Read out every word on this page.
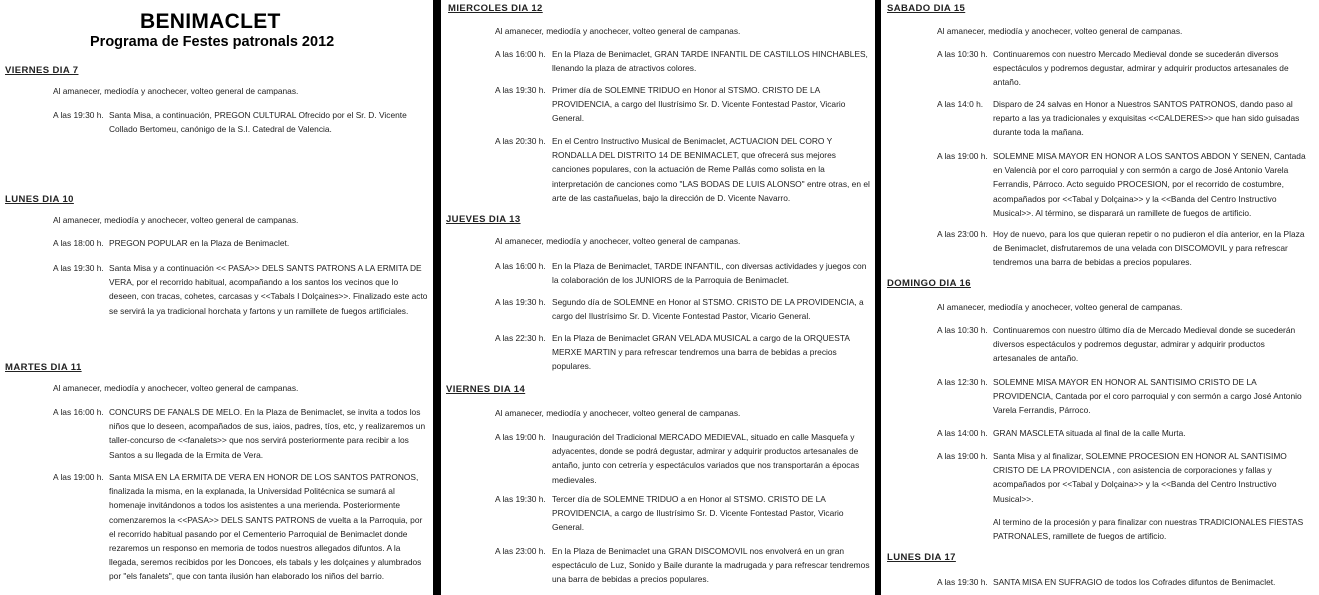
BENIMACLET
Programa de Festes patronals 2012
VIERNES DIA 7
Al amanecer, mediodía y anochecer, volteo general de campanas.
A las 19:30 h. Santa Misa, a continuación, PREGON CULTURAL Ofrecido por el Sr. D. Vicente Collado Bertomeu, canónigo de la S.I. Catedral de Valencia.
LUNES DIA 10
Al amanecer, mediodía y anochecer, volteo general de campanas.
A las 18:00 h. PREGON POPULAR en la Plaza de Benimaclet.
A las 19:30 h. Santa Misa y a continuación << PASA>> DELS SANTS PATRONS A LA ERMITA DE VERA, por el recorrido habitual, acompañando a los santos los vecinos que lo deseen, con tracas, cohetes, carcasas y <<Tabals I Dolçaines>>. Finalizado este acto se servirá la ya tradicional horchata y fartons y un ramillete de fuegos artificiales.
MARTES DIA 11
Al amanecer, mediodía y anochecer, volteo general de campanas.
A las 16:00 h. CONCURS DE FANALS DE MELO. En la Plaza de Benimaclet, se invita a todos los niños que lo deseen, acompañados de sus, iaios, padres, tíos, etc, y realizaremos un taller-concurso de <<fanalets>> que nos servirá posteriormente para recibir a los Santos a su llegada de la Ermita de Vera.
A las 19:00 h. Santa MISA EN LA ERMITA DE VERA EN HONOR DE LOS SANTOS PATRONOS, finalizada la misma, en la explanada, la Universidad Politécnica se sumará al homenaje invitándonos a todos los asistentes a una merienda. Posteriormente comenzaremos la <<PASA>> DELS SANTS PATRONS de vuelta a la Parroquia, por el recorrido habitual pasando por el Cementerio Parroquial de Benimaclet donde rezaremos un responso en memoria de todos nuestros allegados difuntos. A la llegada, seremos recibidos por les Doncoes, els tabals y les dolçaines y alumbrados por "els fanalets", que con tanta ilusión han elaborado los niños del barrio.
MIERCOLES DIA 12
Al amanecer, mediodía y anochecer, volteo general de campanas.
A las 16:00 h. En la Plaza de Benimaclet, GRAN TARDE INFANTIL DE CASTILLOS HINCHABLES, llenando la plaza de atractivos colores.
A las 19:30 h. Primer día de SOLEMNE TRIDUO en Honor al STSMO. CRISTO DE LA PROVIDENCIA, a cargo del Ilustrísimo Sr. D. Vicente Fontestad Pastor, Vicario General.
A las 20:30 h. En el Centro Instructivo Musical de Benimaclet, ACTUACION DEL CORO Y RONDALLA DEL DISTRITO 14 DE BENIMACLET, que ofrecerá sus mejores canciones populares, con la actuación de Reme Pallás como solista en la interpretación de canciones como "LAS BODAS DE LUIS ALONSO" entre otras, en el arte de las castañuelas, bajo la dirección de D. Vicente Navarro.
JUEVES DIA 13
Al amanecer, mediodía y anochecer, volteo general de campanas.
A las 16:00 h. En la Plaza de Benimaclet, TARDE INFANTIL, con diversas actividades y juegos con la colaboración de los JUNIORS de la Parroquia de Benimaclet.
A las 19:30 h. Segundo día de SOLEMNE en Honor al STSMO. CRISTO DE LA PROVIDENCIA, a cargo del Ilustrísimo Sr. D. Vicente Fontestad Pastor, Vicario General.
A las 22:30 h. En la Plaza de Benimaclet GRAN VELADA MUSICAL a cargo de la ORQUESTA MERXE MARTIN y para refrescar tendremos una barra de bebidas a precios populares.
VIERNES DIA 14
Al amanecer, mediodía y anochecer, volteo general de campanas.
A las 19:00 h. Inauguración del Tradicional MERCADO MEDIEVAL, situado en calle Masquefa y adyacentes, donde se podrá degustar, admirar y adquirir productos artesanales de antaño, junto con cetrería y espectáculos variados que nos transportarán a épocas medievales.
A las 19:30 h. Tercer día de SOLEMNE TRIDUO a en Honor al STSMO. CRISTO DE LA PROVIDENCIA, a cargo de Ilustrísimo Sr. D. Vicente Fontestad Pastor, Vicario General.
A las 23:00 h. En la Plaza de Benimaclet una GRAN DISCOMOVIL nos envolverá en un gran espectáculo de Luz, Sonido y Baile durante la madrugada y para refrescar tendremos una barra de bebidas a precios populares.
SABADO DIA 15
Al amanecer, mediodía y anochecer, volteo general de campanas.
A las 10:30 h. Continuaremos con nuestro Mercado Medieval donde se sucederán diversos espectáculos y podremos degustar, admirar y adquirir productos artesanales de antaño.
A las 14:0 h. Disparo de 24 salvas en Honor a Nuestros SANTOS PATRONOS, dando paso al reparto a las ya tradicionales y exquisitas <<CALDERES>> que han sido guisadas durante toda la mañana.
A las 19:00 h. SOLEMNE MISA MAYOR EN HONOR A LOS SANTOS ABDON Y SENEN, Cantada en Valencià por el coro parroquial y con sermón a cargo de José Antonio Varela Ferrandis, Párroco. Acto seguido PROCESION, por el recorrido de costumbre, acompañados por <<Tabal y Dolçaina>> y la <<Banda del Centro Instructivo Musical>>. Al término, se disparará un ramillete de fuegos de artificio.
A las 23:00 h. Hoy de nuevo, para los que quieran repetir o no pudieron el día anterior, en la Plaza de Benimaclet, disfrutaremos de una velada con DISCOMOVIL y para refrescar tendremos una barra de bebidas a precios populares.
DOMINGO DIA 16
Al amanecer, mediodía y anochecer, volteo general de campanas.
A las 10:30 h. Continuaremos con nuestro último día de Mercado Medieval donde se sucederán diversos espectáculos y podremos degustar, admirar y adquirir productos artesanales de antaño.
A las 12:30 h. SOLEMNE MISA MAYOR EN HONOR AL SANTISIMO CRISTO DE LA PROVIDENCIA, Cantada por el coro parroquial y con sermón a cargo José Antonio Varela Ferrandis, Párroco.
A las 14:00 h. GRAN MASCLETA situada al final de la calle Murta.
A las 19:00 h. Santa Misa y al finalizar, SOLEMNE PROCESION EN HONOR AL SANTISIMO CRISTO DE LA PROVIDENCIA , con asistencia de corporaciones y fallas y acompañados por <<Tabal y Dolçaina>> y la <<Banda del Centro Instructivo Musical>>.
Al termino de la procesión y para finalizar con nuestras TRADICIONALES FIESTAS PATRONALES, ramillete de fuegos de artificio.
LUNES DIA 17
A las 19:30 h. SANTA MISA EN SUFRAGIO de todos los Cofrades difuntos de Benimaclet.
